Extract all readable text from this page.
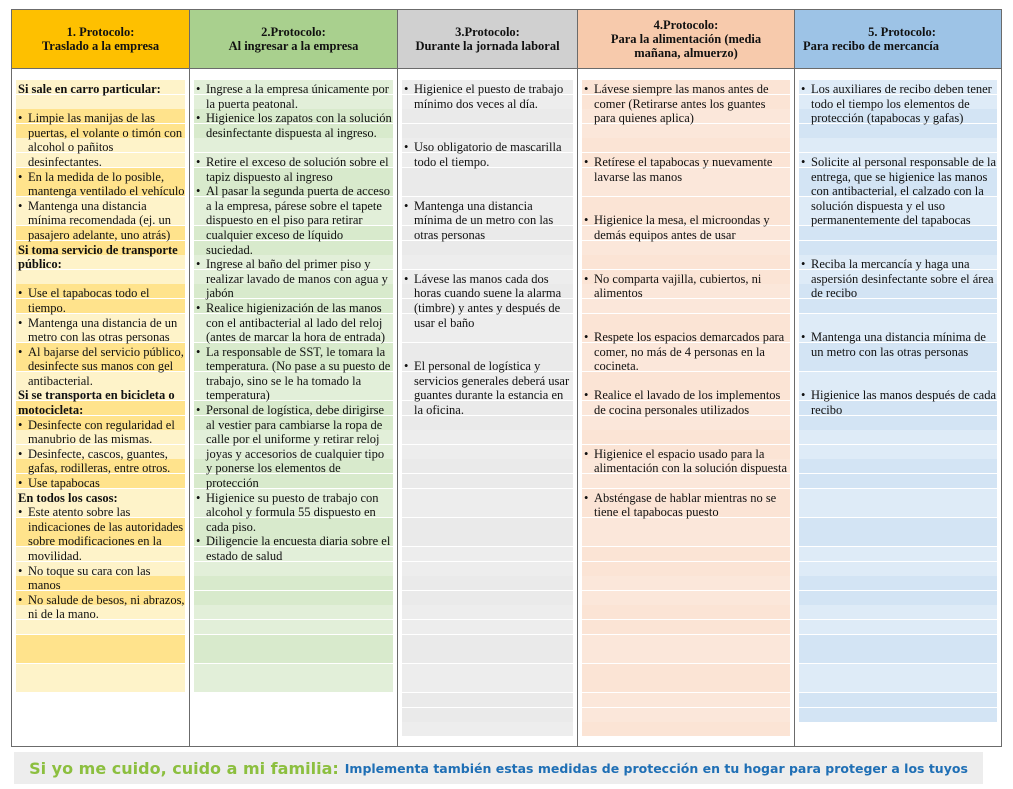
1. Protocolo:
Traslado a la empresa
Si sale en carro particular:
• Limpie las manijas de las puertas, el volante o timón con alcohol o pañitos desinfectantes.
• En la medida de lo posible, mantenga ventilado el vehículo
• Mantenga una distancia mínima recomendada (ej. un pasajero adelante, uno atrás)
Si toma servicio de transporte público:
• Use el tapabocas todo el tiempo.
• Mantenga una distancia de un metro con las otras personas
• Al bajarse del servicio público, desinfecte sus manos con gel antibacterial.
Si se transporta en bicicleta o motocicleta:
• Desinfecte con regularidad el manubrio de las mismas.
• Desinfecte, cascos, guantes, gafas, rodilleras, entre otros.
• Use tapabocas
En todos los casos:
• Este atento sobre las indicaciones de las autoridades sobre modificaciones en la movilidad.
• No toque su cara con las manos
• No salude de besos, ni abrazos, ni de la mano.
2.Protocolo:
Al ingresar a la empresa
• Ingrese a la empresa únicamente por la puerta peatonal.
• Higienice los zapatos con la solución desinfectante dispuesta al ingreso.
• Retire el exceso de solución sobre el tapiz dispuesto al ingreso
• Al pasar la segunda puerta de acceso a la empresa, párese sobre el tapete dispuesto en el piso para retirar cualquier exceso de líquido suciedad.
• Ingrese al baño del primer piso y realizar lavado de manos con agua y jabón
• Realice higienización de las manos con el antibacterial al lado del reloj (antes de marcar la hora de entrada)
• La responsable de SST, le tomara la temperatura. (No pase a su puesto de trabajo, sino se le ha tomado la temperatura)
• Personal de logística, debe dirigirse al vestier para cambiarse la ropa de calle por el uniforme y retirar reloj joyas y accesorios de cualquier tipo y ponerse los elementos de protección
• Higienice su puesto de trabajo con alcohol y formula 55 dispuesto en cada piso.
• Diligencie la encuesta diaria sobre el estado de salud
3.Protocolo:
Durante la jornada laboral
• Higienice el puesto de trabajo mínimo dos veces al día.
• Uso obligatorio de mascarilla todo el tiempo.
• Mantenga una distancia mínima de un metro con las otras personas
• Lávese las manos cada dos horas cuando suene la alarma (timbre) y antes y después de usar el baño
• El personal de logística y servicios generales deberá usar guantes durante la estancia en la oficina.
4.Protocolo:
Para la alimentación (media
mañana, almuerzo)
• Lávese siempre las manos antes de comer (Retirarse antes los guantes para quienes aplica)
• Retírese el tapabocas y nuevamente lavarse las manos
• Higienice la mesa, el microondas y demás equipos antes de usar
• No comparta vajilla, cubiertos, ni alimentos
• Respete los espacios demarcados para comer, no más de 4 personas en la cocineta.
• Realice el lavado de los implementos de cocina personales utilizados
• Higienice el espacio usado para la alimentación con la solución dispuesta
• Absténgase de hablar mientras no se tiene el tapabocas puesto
5. Protocolo:
Para recibo de mercancía
• Los auxiliares de recibo deben tener todo el tiempo los elementos de protección (tapabocas y gafas)
• Solicite al personal responsable de la entrega, que se higienice las manos con antibacterial, el calzado con la solución dispuesta y el uso permanentemente del tapabocas
• Reciba la mercancía y haga una aspersión desinfectante sobre el área de recibo
• Mantenga una distancia mínima de un metro con las otras personas
• Higienice las manos después de cada recibo
Si yo me cuido, cuido a mi familia: Implementa también estas medidas de protección en tu hogar para proteger a los tuyos
